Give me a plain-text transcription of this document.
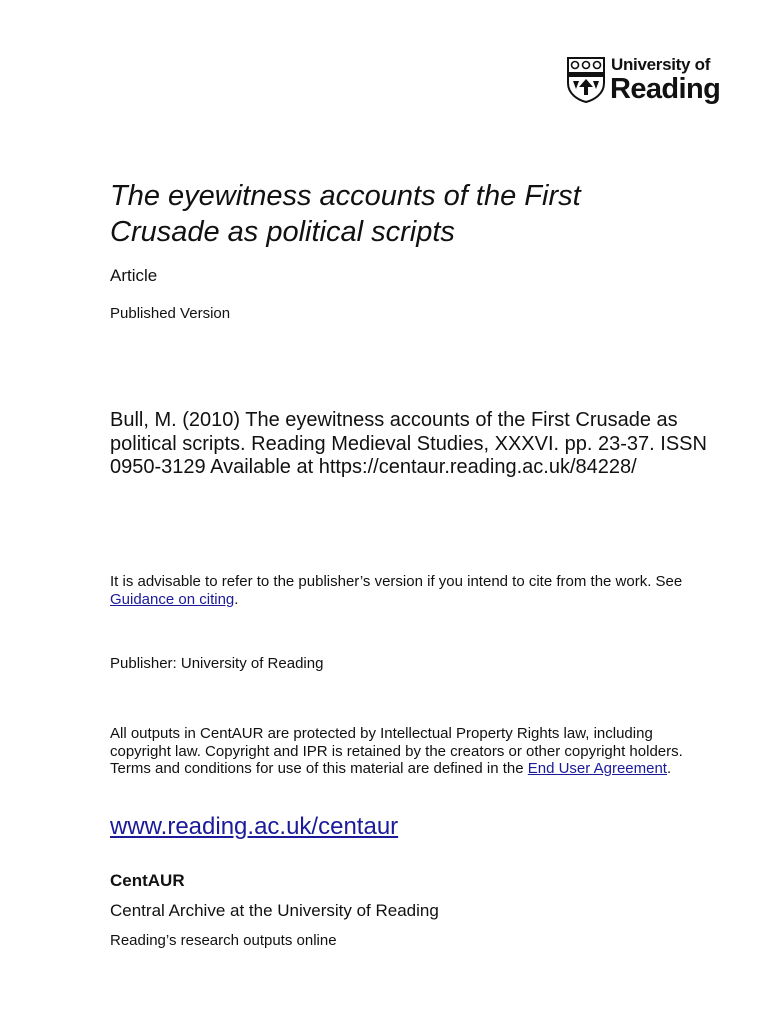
University of
Reading
The eyewitness accounts of the First Crusade as political scripts
Article
Published Version
Bull, M. (2010) The eyewitness accounts of the First Crusade as political scripts. Reading Medieval Studies, XXXVI. pp. 23-37. ISSN 0950-3129 Available at https://centaur.reading.ac.uk/84228/
It is advisable to refer to the publisher’s version if you intend to cite from the work. See Guidance on citing.
Publisher: University of Reading
All outputs in CentAUR are protected by Intellectual Property Rights law, including copyright law. Copyright and IPR is retained by the creators or other copyright holders. Terms and conditions for use of this material are defined in the End User Agreement.
www.reading.ac.uk/centaur
CentAUR
Central Archive at the University of Reading
Reading’s research outputs online
